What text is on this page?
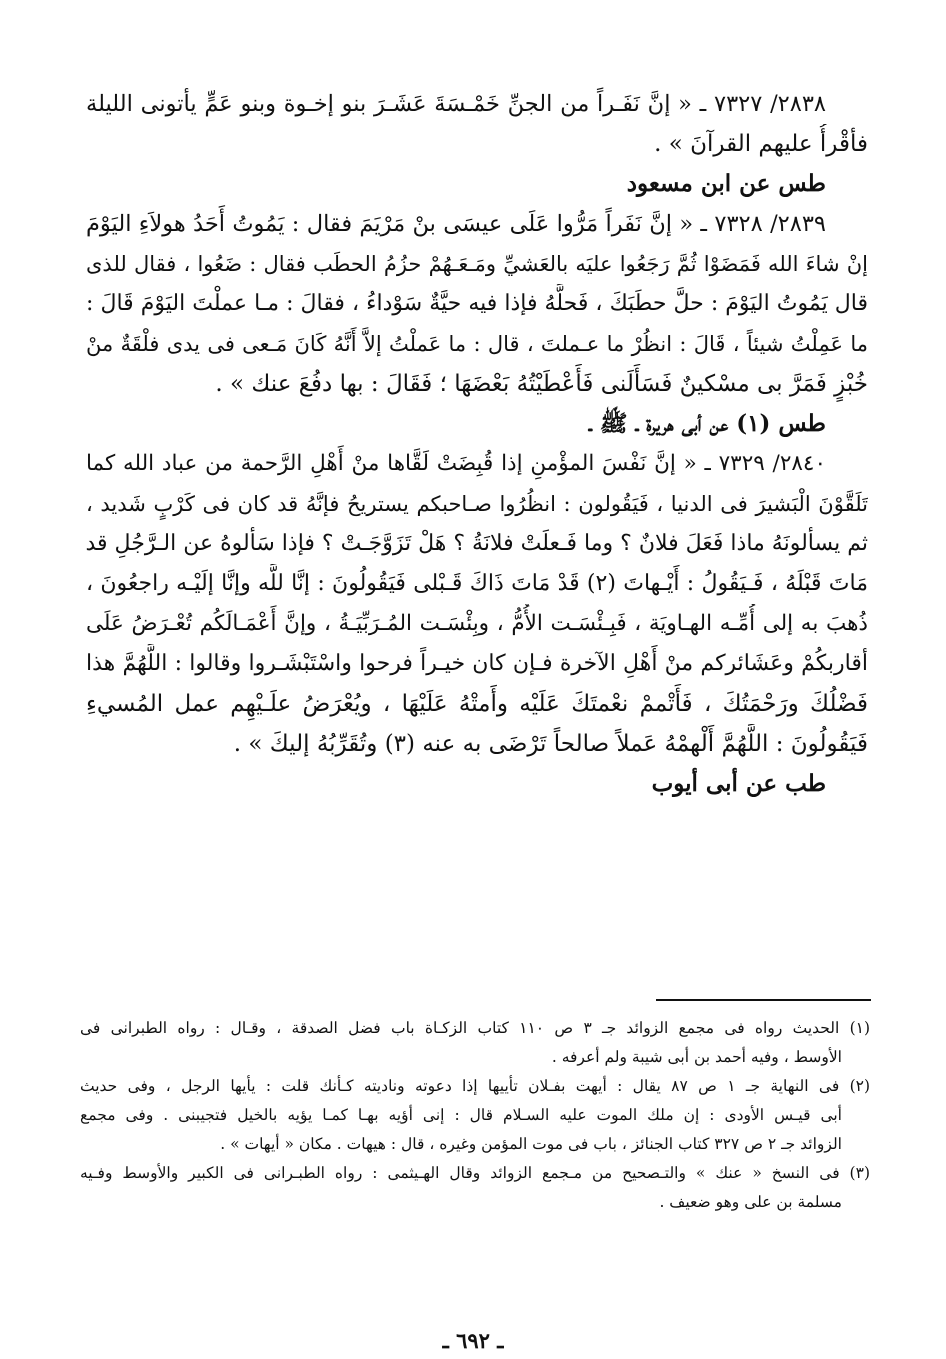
٢٨٣٨/ ٧٣٢٧ ـ « إنَّ نَفَـراً من الجنِّ خَمْـسَةَ عَشَـرَ بنو إخـوة وبنو عَمٍّ يأتونى الليلة
فأقْرأُ عليهم القرآنَ » .
طس عن ابن مسعود
٢٨٣٩/ ٧٣٢٨ ـ « إنَّ نَفَراً مَرُّوا عَلَى عيسَى بنْ مَرْيَمَ فقال : يَمُوتُ أَحَدُ هولاَءِ اليَوْمَ
إنْ شاءَ الله فَمَضَوْا ثُمَّ رَجَعُوا عليَه بالعَشيِّ ومَـعَـهُمْ حزُمُ الحطَب فقال : ضَعُوا ، فقال للذى
قال يَمُوتُ اليَوْمَ : حلَّ حطَبَكَ ، فَحلَّهُ فإذا فيه حيَّةٌ سَوْداءُ ، فقالَ : مـا عملْتَ اليَوْمَ قَالَ :
ما عَمِلْتُ شيئاً ، قَالَ : انظُرْ ما عـملتَ ، قال : ما عَملْتُ إلاَّ أَنَّهُ كَانَ مَـعى فى يدى فلْقَةٌ منْ
خُبْزٍ فَمَرَّ بى مسْكينٌ فَسَأَلَنى فَأَعْطَيْتُهُ بَعْضَهَا ؛ فَقَالَ : بها دفُعَ عنك » .
طس (١) عن أبى هريرة ـ ﷺ ـ
٢٨٤٠/ ٧٣٢٩ ـ « إنَّ نَفْسَ المؤْمنِ إذا قُبِضَتْ لَقَّاها منْ أَهْلِ الرَّحمة من عباد الله كما
تَلَقَّوْنَ الْبَشيرَ فى الدنيا ، فَيَقُولون : انظُرُوا صـاحبكم يستريحُ فإنَّهُ قد كان فى كَرْبٍ شَديد ،
ثم يسألونَهُ ماذا فَعَلَ فلانٌ ؟ وما فَـعلَتْ فلانَةُ ؟ هَلْ تَزَوَّجَـتْ ؟ فإذا سَألوهُ عن الـرَّجُلِ قد
مَاتَ قَبْلَهُ ، فَـيَقُولُ : أَيْـهاتَ (٢) قَدْ مَاتَ ذَاكَ قَـبْلى فَيَقُولُونَ : إنَّا للَّه وإنَّا إلَيْـه راجعُونَ ،
ذُهبَ به إلى أُمِّـه الهـاويَة ، فَبِـئْسَـت الأُمُّ ، وبِئْسَـت المُـرَبِّيَـةُ ، وإنَّ أَعْمَـالَكُم تُعْـرَضُ عَلَى
أقاربكُمْ وعَشَائركم منْ أَهْلِ الآخرة فـإن كان خيـراً فرحوا واسْتَبْشَـروا وقالوا : اللَّهُمَّ هذا
فَضْلُكَ ورَحْمَتُكَ ، فَأَتْممْ نعْمتَكَ عَلَيْه وأَمتْهُ عَلَيْهَا ، ويُعْرَضُ علَـيْهِم عمل المُسيءِ
فَيَقُولُونَ : اللَّهُمَّ أَلْهمْهُ عَملاً صالحاً تَرْضَى به عنه (٣) وتُقَرِّبُهُ إليكَ » .
طب عن أبى أيوب
(١) الحديث رواه فى مجمع الزوائد جـ ٣ ص ١١٠ كتاب الزكـاة باب فضل الصدقة ، وقـال : رواه الطبرانى فى
الأوسط ، وفيه أحمد بن أبى شيبة ولم أعرفه .
(٢) فى النهاية جـ ١ ص ٨٧ يقال : أيهت بفـلان تأييها إذا دعوته وناديته كـأنك قلت : يأيها الرجل ، وفى حديث
أبى قيـس الأودى : إن ملك الموت عليه السـلام قال : إنى أؤيه بهـا كمـا يؤيه بالخيل فتجيبنى . وفى مجمع
الزوائد جـ ٢ ص ٣٢٧ كتاب الجنائز ، باب فى موت المؤمن وغيره ، قال : هيهات . مكان « أيهات » .
(٣) فى النسخ « عنك » والتـصحيح من مـجمع الزوائد وقال الهـيثمى : رواه الطبـرانى فى الكبير والأوسط وفـيه
مسلمة بن على وهو ضعيف .
ـ ٦٩٢ ـ
